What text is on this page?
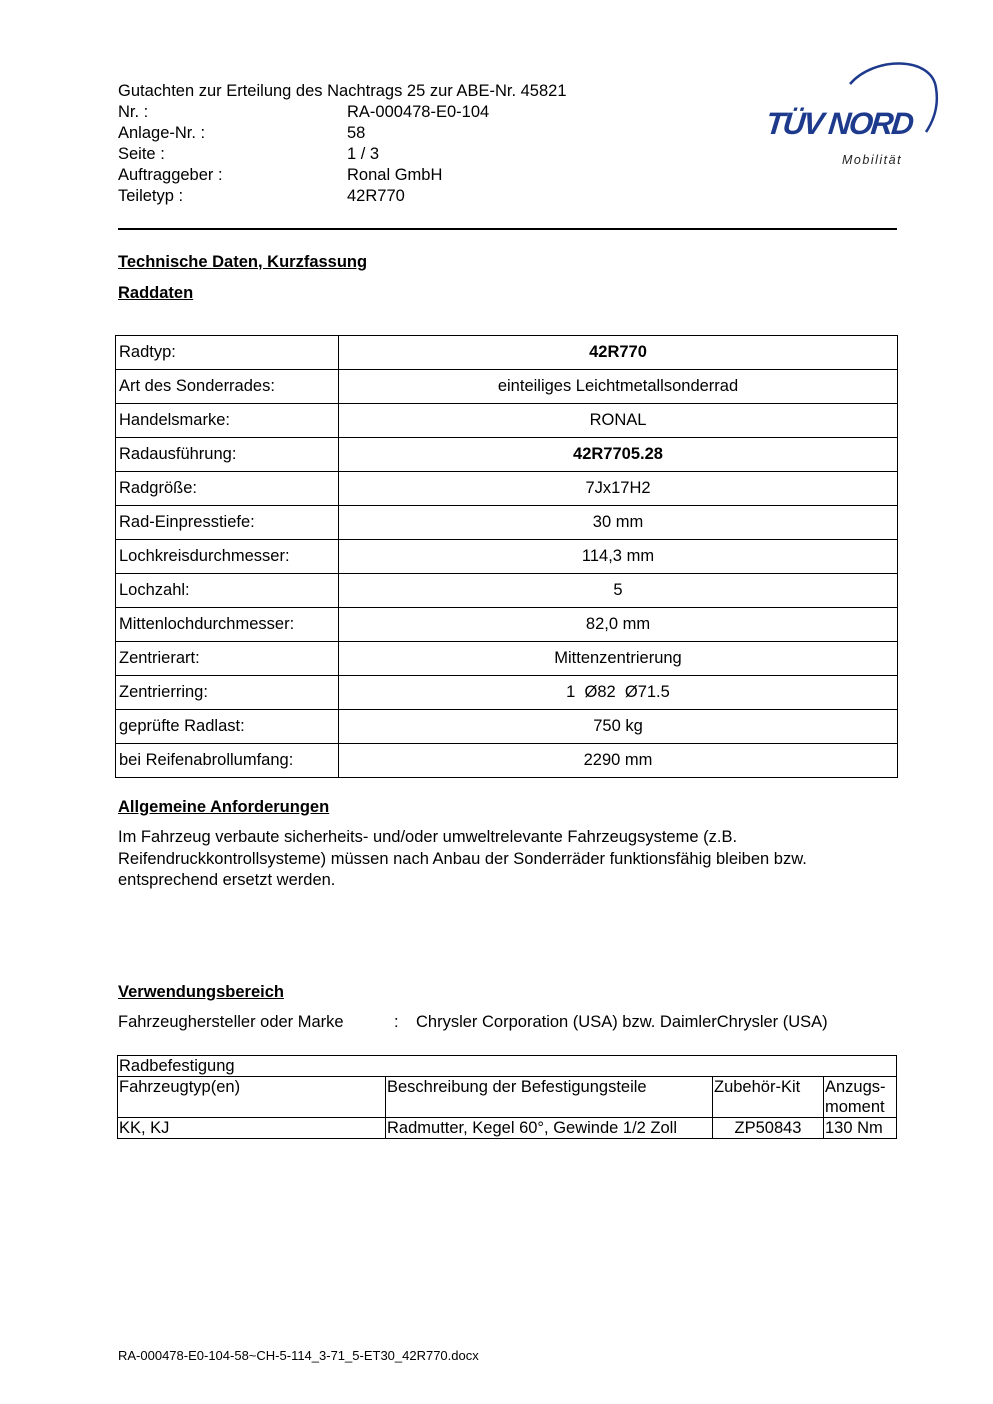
Gutachten zur Erteilung des Nachtrags 25 zur ABE-Nr. 45821
Nr. :	RA-000478-E0-104
Anlage-Nr. :	58
Seite :	1 / 3
Auftraggeber :	Ronal GmbH
Teiletyp :	42R770
TÜV NORD
Mobilität
Technische Daten, Kurzfassung
Raddaten
Radtyp:	42R770
Art des Sonderrades:	einteiliges Leichtmetallsonderrad
Handelsmarke:	RONAL
Radausführung:	42R7705.28
Radgröße:	7Jx17H2
Rad-Einpresstiefe:	30 mm
Lochkreisdurchmesser:	114,3 mm
Lochzahl:	5
Mittenlochdurchmesser:	82,0 mm
Zentrierart:	Mittenzentrierung
Zentrierring:	1  Ø82  Ø71.5
geprüfte Radlast:	750 kg
bei Reifenabrollumfang:	2290 mm
Allgemeine Anforderungen
Im Fahrzeug verbaute sicherheits- und/oder umweltrelevante Fahrzeugsysteme (z.B. Reifendruckkontrollsysteme) müssen nach Anbau der Sonderräder funktionsfähig bleiben bzw. entsprechend ersetzt werden.
Verwendungsbereich
Fahrzeughersteller oder Marke	: Chrysler Corporation (USA) bzw. DaimlerChrysler (USA)
Radbefestigung			
Fahrzeugtyp(en)	Beschreibung der Befestigungsteile	Zubehör-Kit	Anzugs-
moment

KK, KJ	Radmutter, Kegel 60°, Gewinde 1/2 Zoll	ZP50843	130 Nm
RA-000478-E0-104-58~CH-5-114_3-71_5-ET30_42R770.docx
